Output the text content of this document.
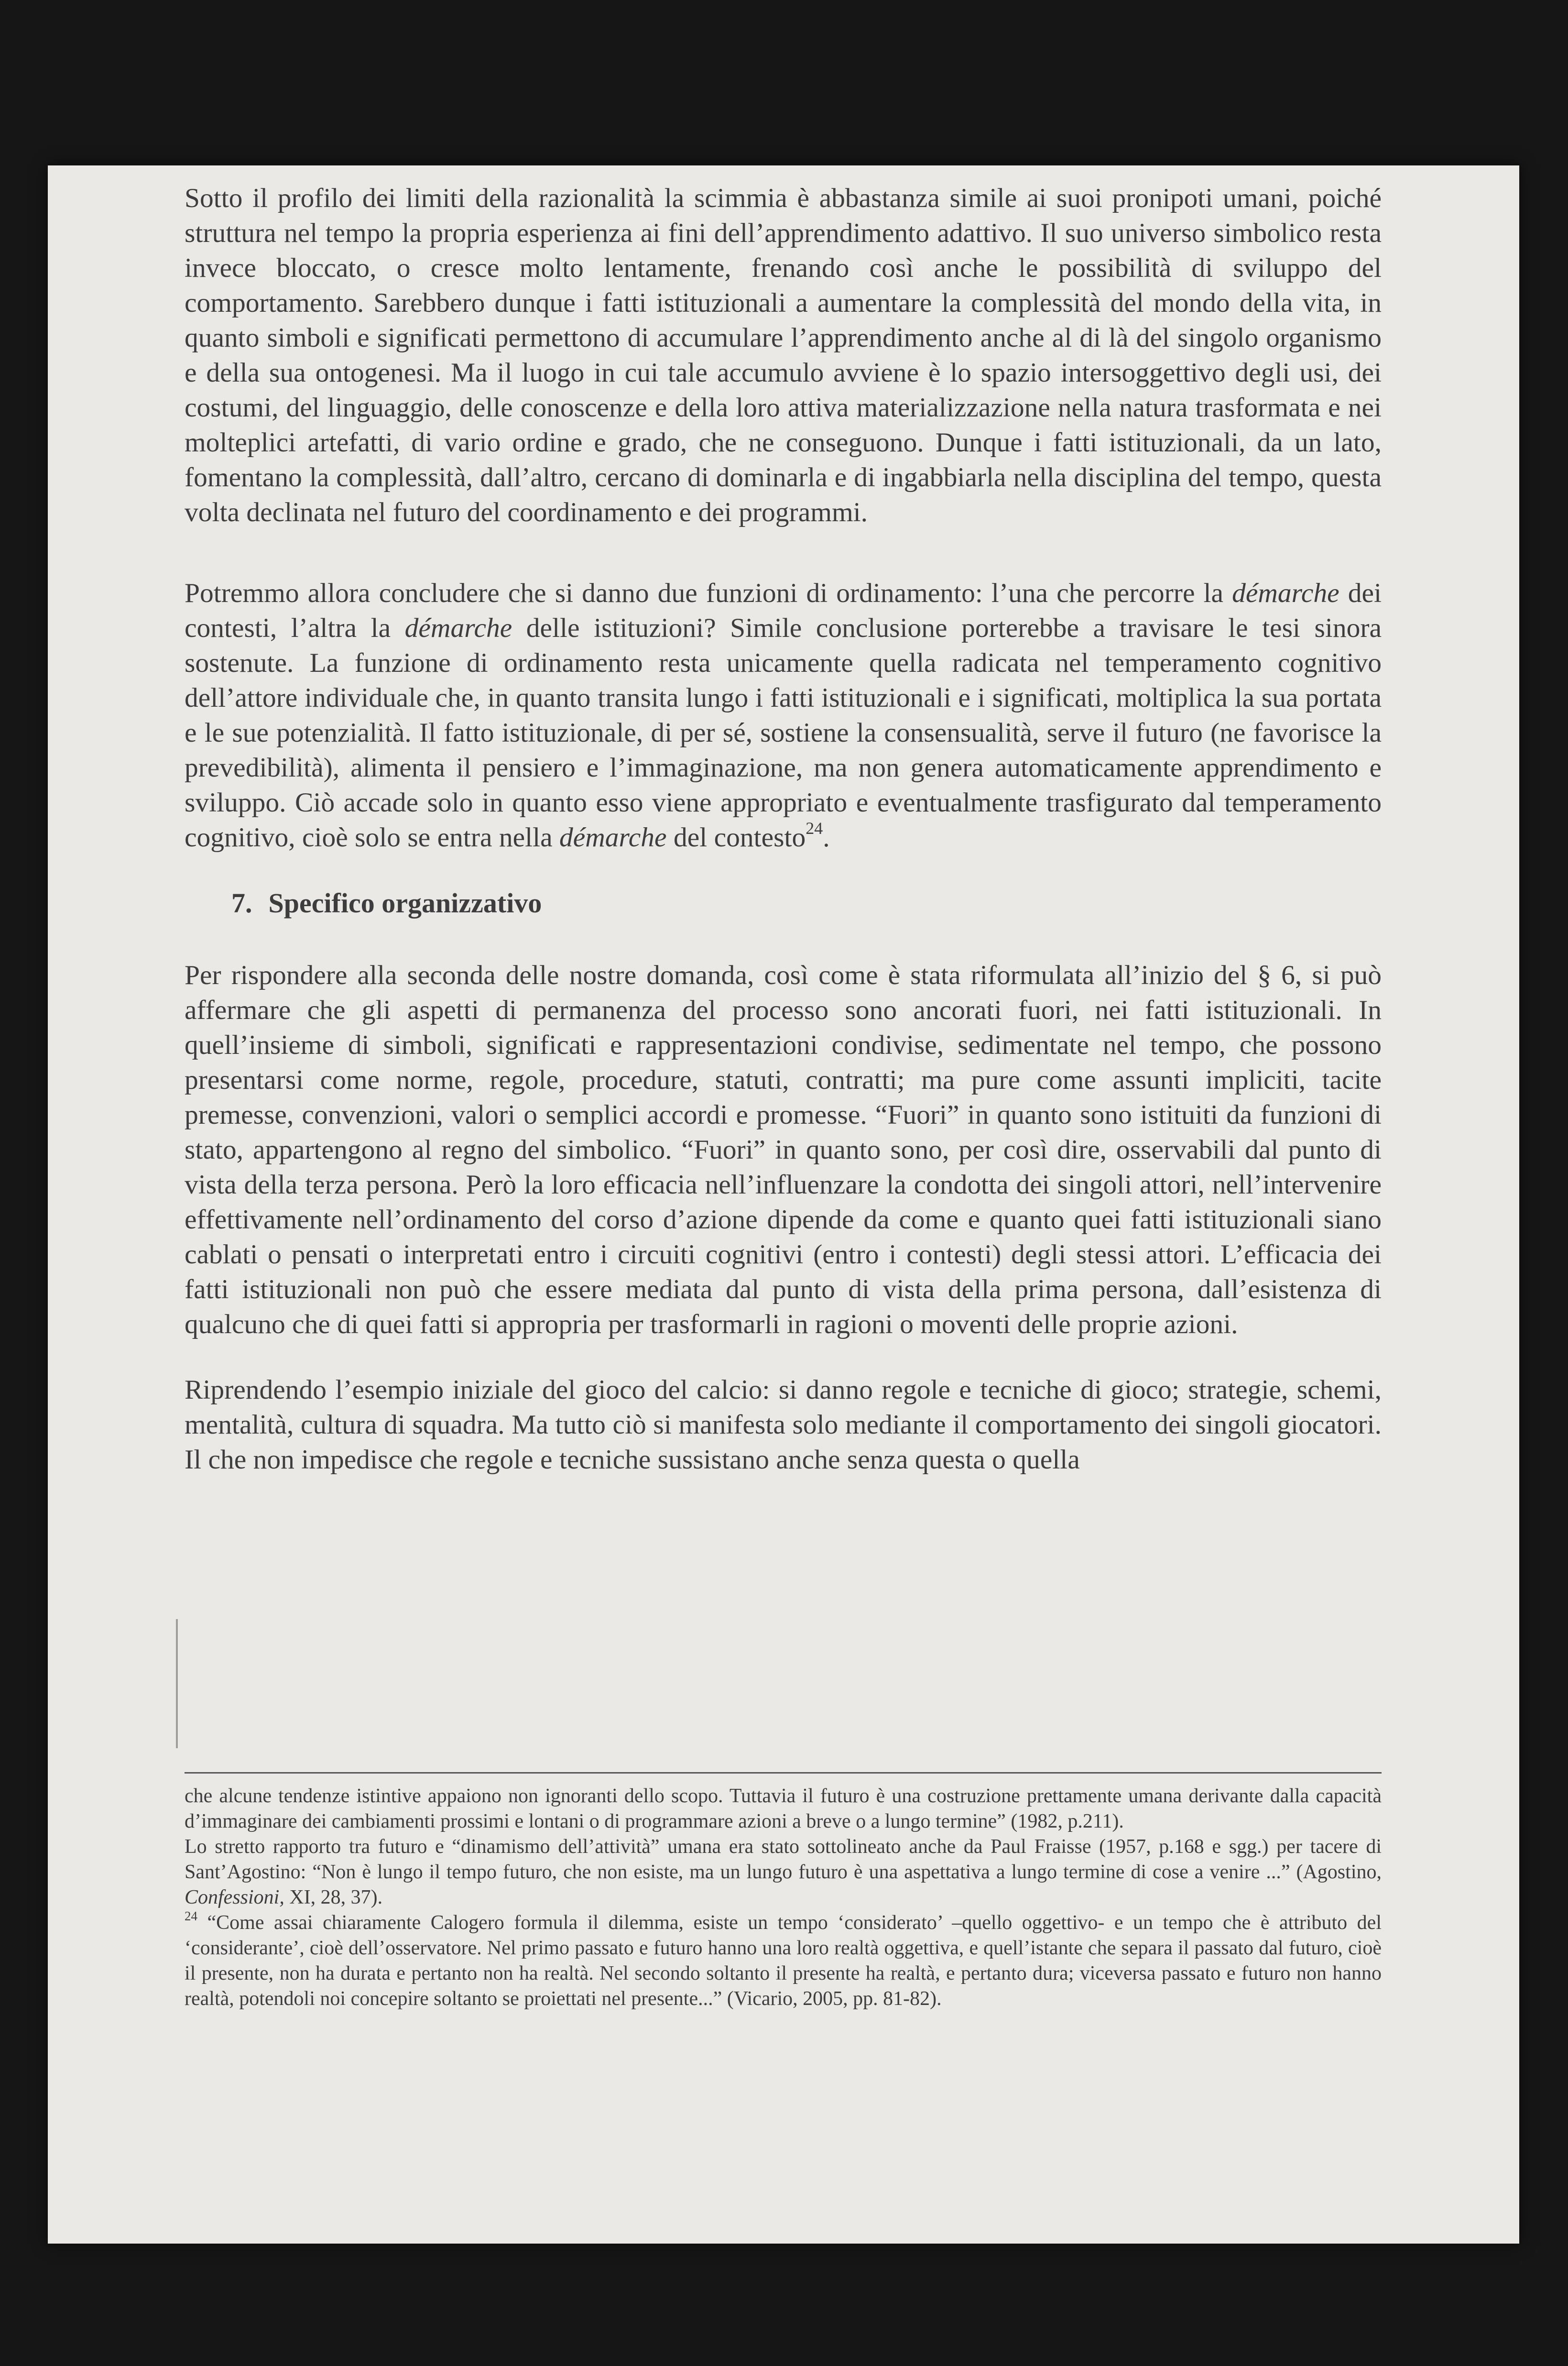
Sotto il profilo dei limiti della razionalità la scimmia è abbastanza simile ai suoi pronipoti umani, poiché struttura nel tempo la propria esperienza ai fini dell’apprendimento adattivo. Il suo universo simbolico resta invece bloccato, o cresce molto lentamente, frenando così anche le possibilità di sviluppo del comportamento. Sarebbero dunque i fatti istituzionali a aumentare la complessità del mondo della vita, in quanto simboli e significati permettono di accumulare l’apprendimento anche al di là del singolo organismo e della sua ontogenesi. Ma il luogo in cui tale accumulo avviene è lo spazio intersoggettivo degli usi, dei costumi, del linguaggio, delle conoscenze e della loro attiva materializzazione nella natura trasformata e nei molteplici artefatti, di vario ordine e grado, che ne conseguono. Dunque i fatti istituzionali, da un lato, fomentano la complessità, dall’altro, cercano di dominarla e di ingabbiarla nella disciplina del tempo, questa volta declinata nel futuro del coordinamento e dei programmi.

Potremmo allora concludere che si danno due funzioni di ordinamento: l’una che percorre la démarche dei contesti, l’altra la démarche delle istituzioni? Simile conclusione porterebbe a travisare le tesi sinora sostenute. La funzione di ordinamento resta unicamente quella radicata nel temperamento cognitivo dell’attore individuale che, in quanto transita lungo i fatti istituzionali e i significati, moltiplica la sua portata e le sue potenzialità. Il fatto istituzionale, di per sé, sostiene la consensualità, serve il futuro (ne favorisce la prevedibilità), alimenta il pensiero e l’immaginazione, ma non genera automaticamente apprendimento e sviluppo. Ciò accade solo in quanto esso viene appropriato e eventualmente trasfigurato dal temperamento cognitivo, cioè solo se entra nella démarche del contesto$^{24}$.

7. Specifico organizzativo

Per rispondere alla seconda delle nostre domanda, così come è stata riformulata all’inizio del § 6, si può affermare che gli aspetti di permanenza del processo sono ancorati fuori, nei fatti istituzionali. In quell’insieme di simboli, significati e rappresentazioni condivise, sedimentate nel tempo, che possono presentarsi come norme, regole, procedure, statuti, contratti; ma pure come assunti impliciti, tacite premesse, convenzioni, valori o semplici accordi e promesse. “Fuori” in quanto sono istituiti da funzioni di stato, appartengono al regno del simbolico. “Fuori” in quanto sono, per così dire, osservabili dal punto di vista della terza persona. Però la loro efficacia nell’influenzare la condotta dei singoli attori, nell’intervenire effettivamente nell’ordinamento del corso d’azione dipende da come e quanto quei fatti istituzionali siano cablati o pensati o interpretati entro i circuiti cognitivi (entro i contesti) degli stessi attori. L’efficacia dei fatti istituzionali non può che essere mediata dal punto di vista della prima persona, dall’esistenza di qualcuno che di quei fatti si appropria per trasformarli in ragioni o moventi delle proprie azioni.

Riprendendo l’esempio iniziale del gioco del calcio: si danno regole e tecniche di gioco; strategie, schemi, mentalità, cultura di squadra. Ma tutto ciò si manifesta solo mediante il comportamento dei singoli giocatori. Il che non impedisce che regole e tecniche sussistano anche senza questa o quella

che alcune tendenze istintive appaiono non ignoranti dello scopo. Tuttavia il futuro è una costruzione prettamente umana derivante dalla capacità d’immaginare dei cambiamenti prossimi e lontani o di programmare azioni a breve o a lungo termine” (1982, p.211).

Lo stretto rapporto tra futuro e “dinamismo dell’attività” umana era stato sottolineato anche da Paul Fraisse (1957, p.168 e sgg.) per tacere di Sant’Agostino: “Non è lungo il tempo futuro, che non esiste, ma un lungo futuro è una aspettativa a lungo termine di cose a venire ...” (Agostino, Confessioni, XI, 28, 37).

$^{24}$ “Come assai chiaramente Calogero formula il dilemma, esiste un tempo ‘considerato’ –quello oggettivo- e un tempo che è attributo del ‘considerante’, cioè dell’osservatore. Nel primo passato e futuro hanno una loro realtà oggettiva, e quell’istante che separa il passato dal futuro, cioè il presente, non ha durata e pertanto non ha realtà. Nel secondo soltanto il presente ha realtà, e pertanto dura; viceversa passato e futuro non hanno realtà, potendoli noi concepire soltanto se proiettati nel presente...” (Vicario, 2005, pp. 81-82).
